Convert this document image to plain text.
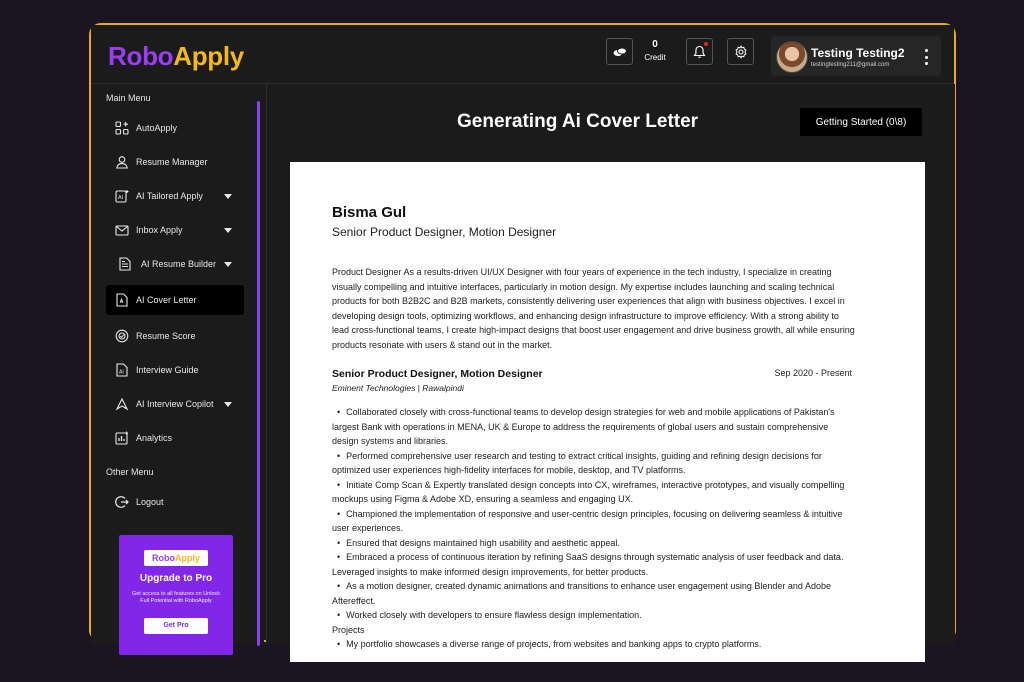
RoboApply	0
Credit	Testing Testing2
testingtesting211@gmail.com
Main Menu
AutoApply
Resume Manager
AI AI Tailored Apply
Inbox Apply
AI Resume Builder
AI Cover Letter
Resume Score
AI Interview Guide
AI Interview Copilot
Analytics
Other Menu
Logout
RoboApply
Upgrade to Pro
Get access to all features on Unlock Full Potential with RoboApply
Get Pro
Generating Ai Cover Letter	Getting Started (0\8)
Bisma Gul
Senior Product Designer, Motion Designer
Product Designer As a results-driven UI/UX Designer with four years of experience in the tech industry, I specialize in creating visually compelling and intuitive interfaces, particularly in motion design. My expertise includes launching and scaling technical products for both B2B2C and B2B markets, consistently delivering user experiences that align with business objectives. I excel in developing design tools, optimizing workflows, and enhancing design infrastructure to improve efficiency. With a strong ability to lead cross-functional teams, I create high-impact designs that boost user engagement and drive business growth, all while ensuring products resonate with users & stand out in the market.
Senior Product Designer, Motion Designer	Sep 2020 - Present
Eminent Technologies | Rawalpindi
• Collaborated closely with cross-functional teams to develop design strategies for web and mobile applications of Pakistan's largest Bank with operations in MENA, UK & Europe to address the requirements of global users and sustain comprehensive design systems and libraries.
• Performed comprehensive user research and testing to extract critical insights, guiding and refining design decisions for optimized user experiences high-fidelity interfaces for mobile, desktop, and TV platforms.
• Initiate Comp Scan & Expertly translated design concepts into CX, wireframes, interactive prototypes, and visually compelling mockups using Figma & Adobe XD, ensuring a seamless and engaging UX.
• Championed the implementation of responsive and user-centric design principles, focusing on delivering seamless & intuitive user experiences.
• Ensured that designs maintained high usability and aesthetic appeal.
• Embraced a process of continuous iteration by refining SaaS designs through systematic analysis of user feedback and data. Leveraged insights to make informed design improvements, for better products.
• As a motion designer, created dynamic animations and transitions to enhance user engagement using Blender and Adobe Aftereffect.
• Worked closely with developers to ensure flawless design implementation.
Projects
• My portfolio showcases a diverse range of projects, from websites and banking apps to crypto platforms.
